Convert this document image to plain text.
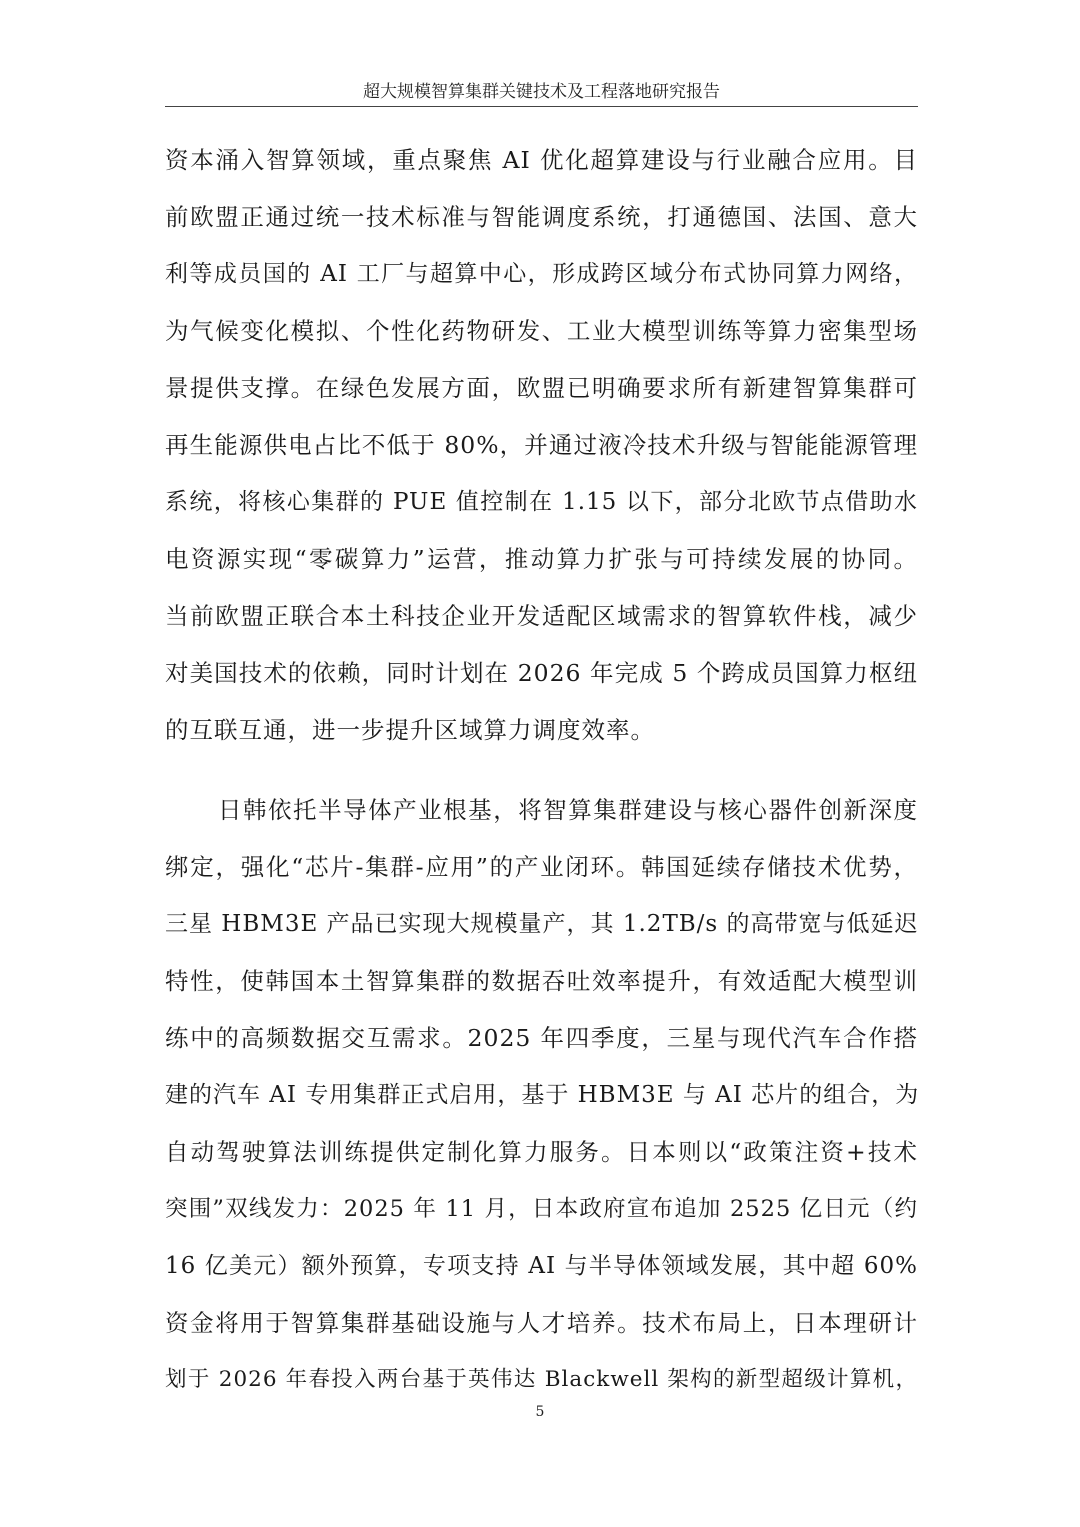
超大规模智算集群关键技术及工程落地研究报告
资本涌入智算领域，重点聚焦 AI 优化超算建设与行业融合应用。目
前欧盟正通过统一技术标准与智能调度系统，打通德国、法国、意大
利等成员国的 AI 工厂与超算中心，形成跨区域分布式协同算力网络，
为气候变化模拟、个性化药物研发、工业大模型训练等算力密集型场
景提供支撑。在绿色发展方面，欧盟已明确要求所有新建智算集群可
再生能源供电占比不低于 80%，并通过液冷技术升级与智能能源管理
系统，将核心集群的 PUE 值控制在 1.15 以下，部分北欧节点借助水
电资源实现“零碳算力”运营，推动算力扩张与可持续发展的协同。
当前欧盟正联合本土科技企业开发适配区域需求的智算软件栈，减少
对美国技术的依赖，同时计划在 2026 年完成 5 个跨成员国算力枢纽
的互联互通，进一步提升区域算力调度效率。
日韩依托半导体产业根基，将智算集群建设与核心器件创新深度
绑定，强化“芯片-集群-应用”的产业闭环。韩国延续存储技术优势，
三星 HBM3E 产品已实现大规模量产，其 1.2TB/s 的高带宽与低延迟
特性，使韩国本土智算集群的数据吞吐效率提升，有效适配大模型训
练中的高频数据交互需求。2025 年四季度，三星与现代汽车合作搭
建的汽车 AI 专用集群正式启用，基于 HBM3E 与 AI 芯片的组合，为
自动驾驶算法训练提供定制化算力服务。日本则以“政策注资+技术
突围”双线发力：2025 年 11 月，日本政府宣布追加 2525 亿日元（约
16 亿美元）额外预算，专项支持 AI 与半导体领域发展，其中超 60%
资金将用于智算集群基础设施与人才培养。技术布局上，日本理研计
划于 2026 年春投入两台基于英伟达 Blackwell 架构的新型超级计算机，
5
